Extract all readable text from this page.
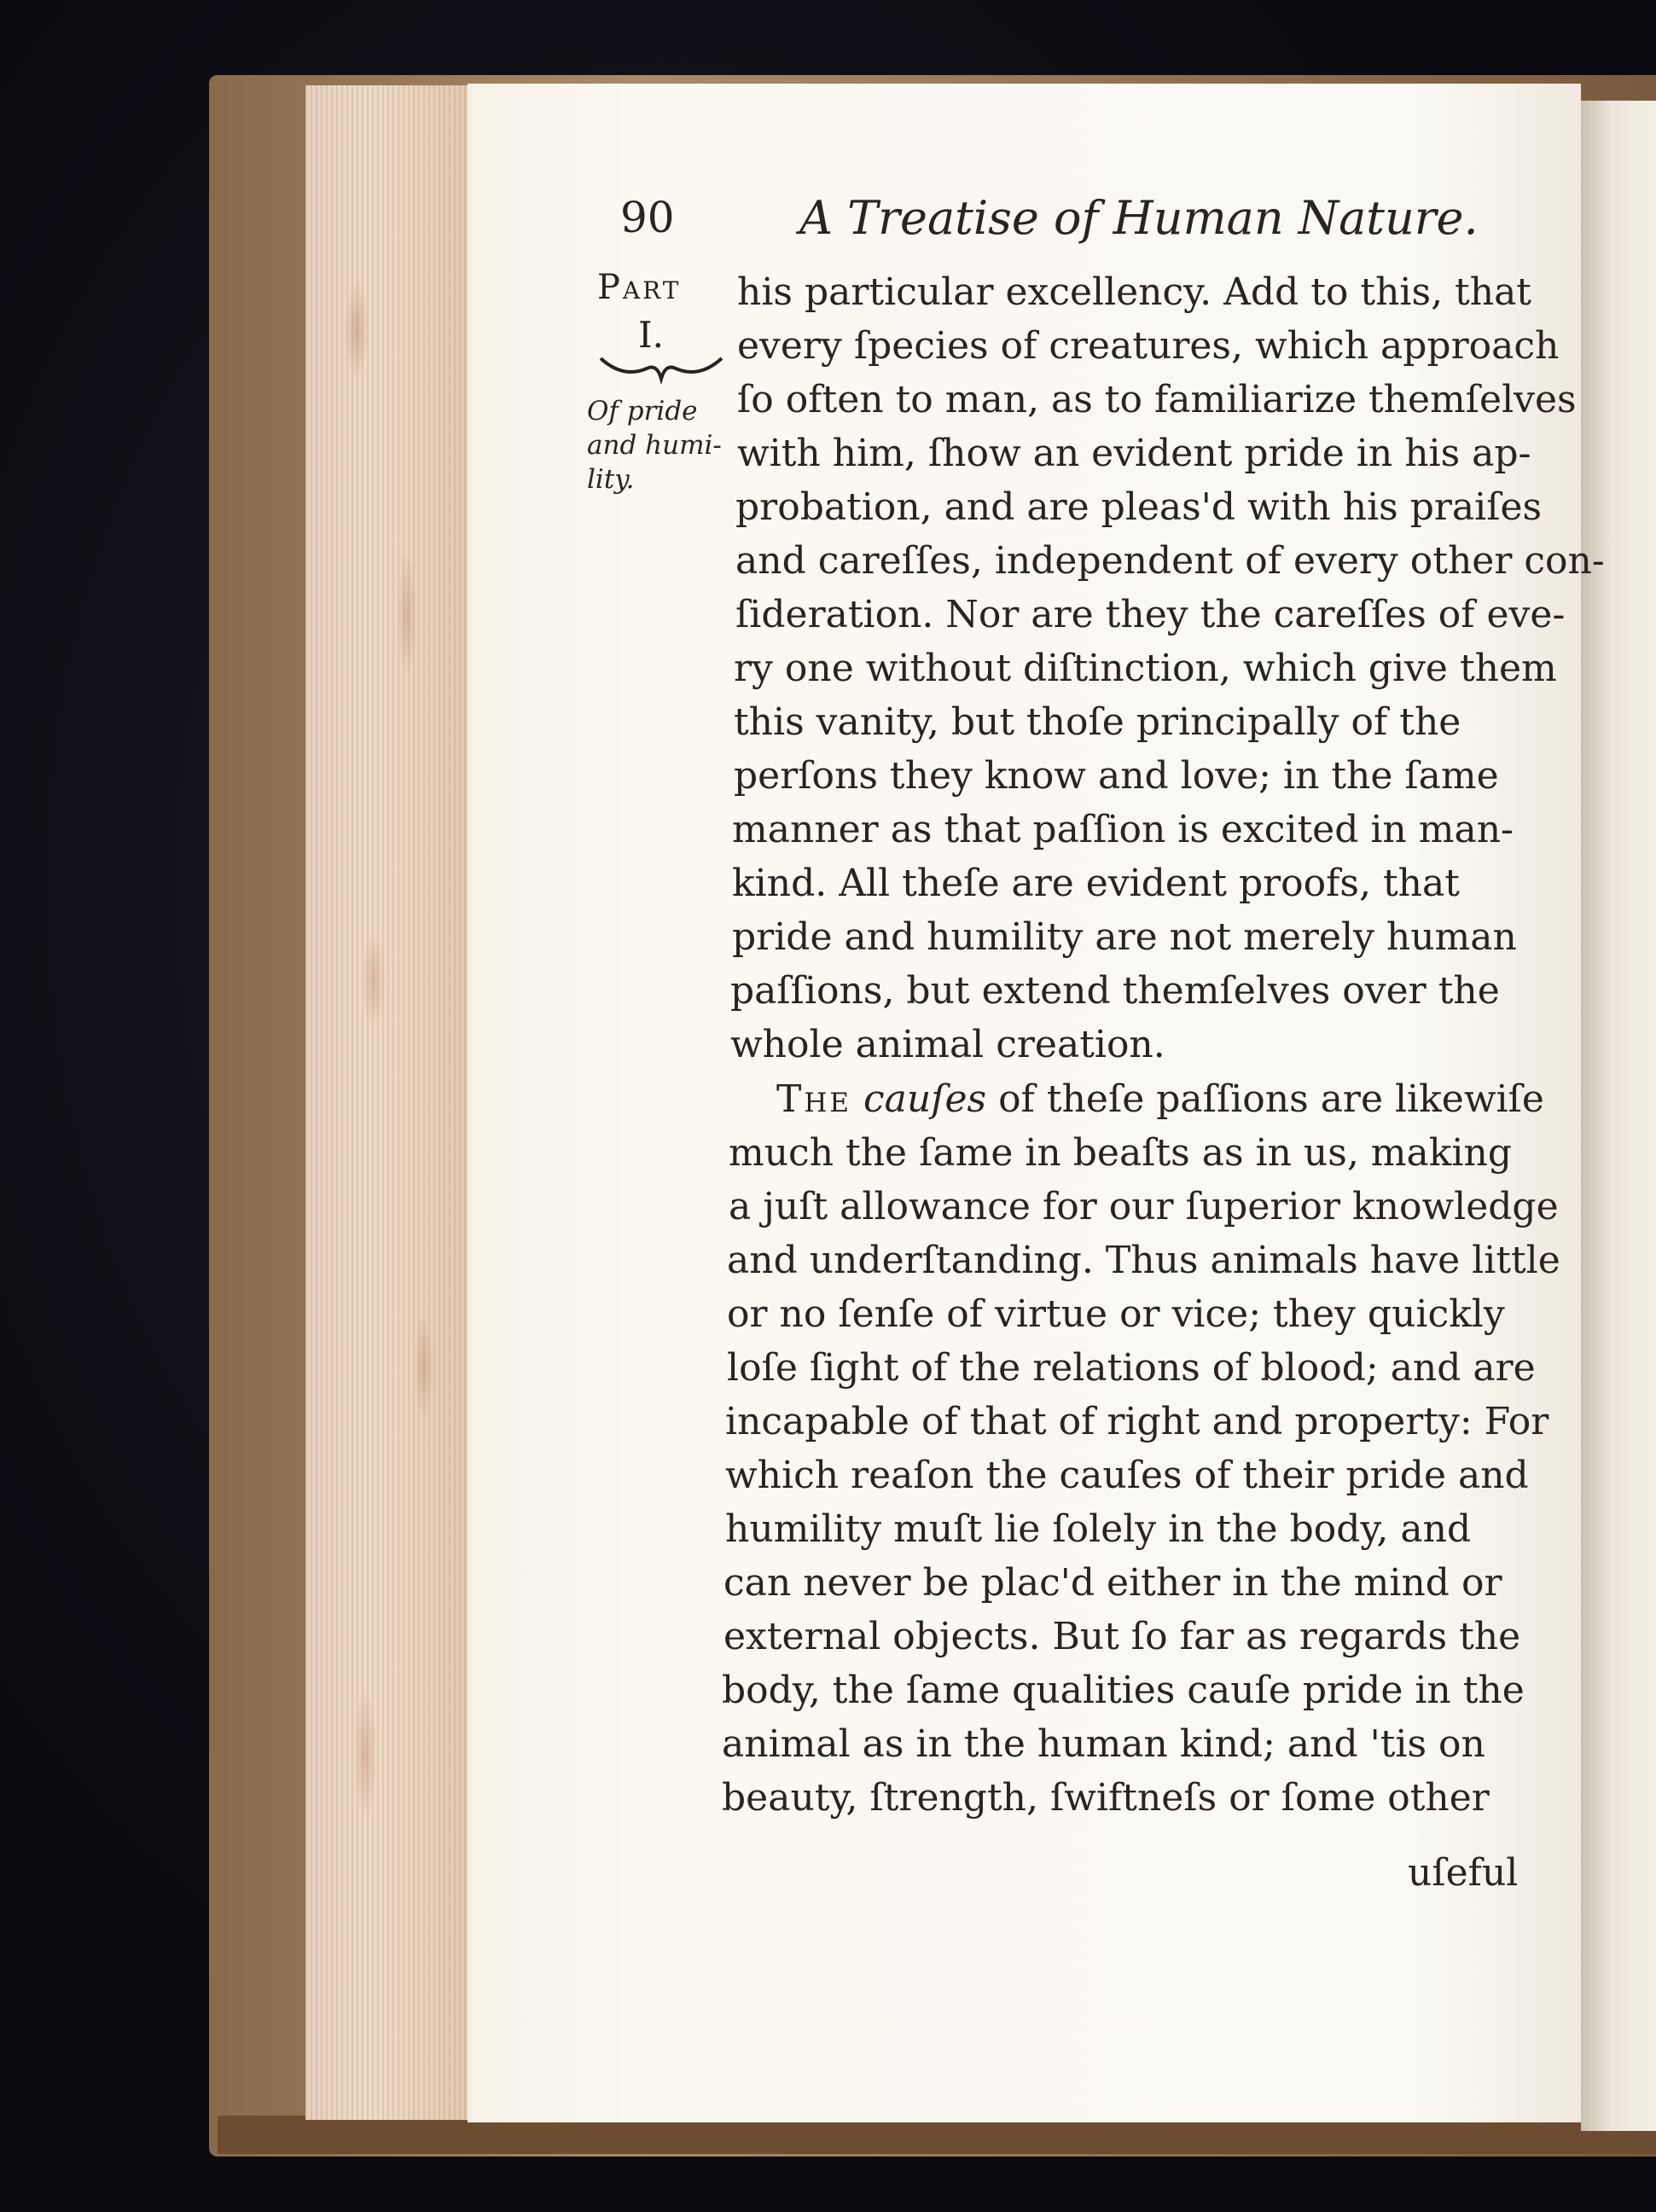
90	A Treatise of Human Nature.
Part
I.
Of pride
and humi-
lity.
his particular excellency. Add to this, that
every ſpecies of creatures, which approach
ſo often to man, as to familiarize themſelves
with him, ſhow an evident pride in his ap-
probation, and are pleas'd with his praiſes
and careſſes, independent of every other con-
ſideration. Nor are they the careſſes of eve-
ry one without diſtinction, which give them
this vanity, but thoſe principally of the
perſons they know and love; in the ſame
manner as that paſſion is excited in man-
kind. All theſe are evident proofs, that
pride and humility are not merely human
paſſions, but extend themſelves over the
whole animal creation.
The cauſes of theſe paſſions are likewiſe
much the ſame in beaſts as in us, making
a juſt allowance for our ſuperior knowledge
and underſtanding. Thus animals have little
or no ſenſe of virtue or vice; they quickly
loſe ſight of the relations of blood; and are
incapable of that of right and property: For
which reaſon the cauſes of their pride and
humility muſt lie ſolely in the body, and
can never be plac'd either in the mind or
external objects. But ſo far as regards the
body, the ſame qualities cauſe pride in the
animal as in the human kind; and 'tis on
beauty, ſtrength, ſwiftneſs or ſome other
uſeful
